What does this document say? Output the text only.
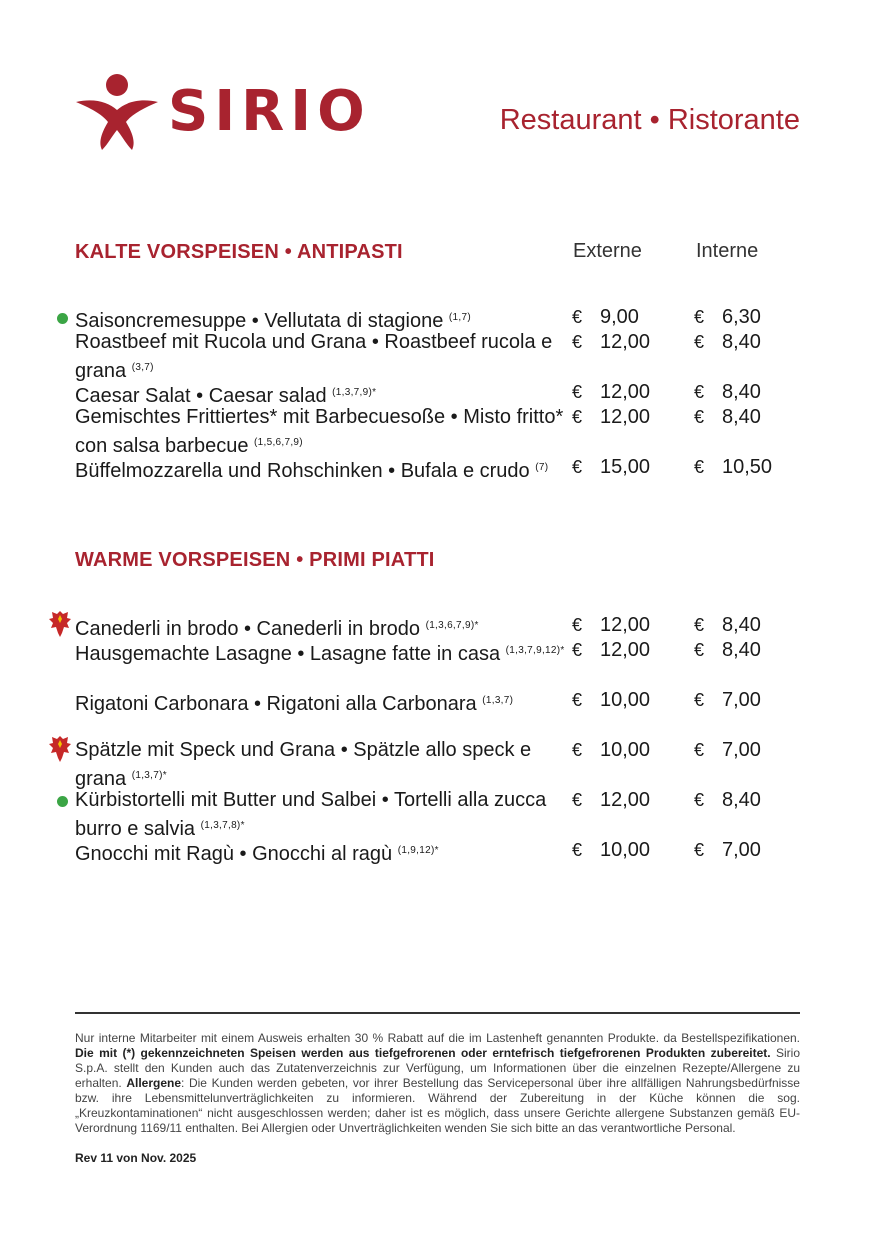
SIRIO	Restaurant • Ristorante
KALTE VORSPEISEN • ANTIPASTI	Externe	Interne
Saisoncremesuppe • Vellutata di stagione $^{(1,7)}$	€ 9,00	€ 6,30
Roastbeef mit Rucola und Grana • Roastbeef rucola e grana $^{(3,7)}$
€ 12,00 € 8,40
Caesar Salat • Caesar salad $^{(1,3,7,9)*}$	€ 12,00 € 8,40
Gemischtes Frittiertes* mit Barbecuesoße • Misto fritto* con salsa barbecue $^{(1,5,6,7,9)}$
€ 12,00 € 8,40
Büffelmozzarella und Rohschinken • Bufala e crudo $^{(7)}$	€ 15,00 € 10,50
WARME VORSPEISEN • PRIMI PIATTI
Canederli in brodo • Canederli in brodo $^{(1,3,6,7,9)*}$	€ 12,00 € 8,40
Hausgemachte Lasagne • Lasagne fatte in casa $^{(1,3,7,9,12)*}$ € 12,00 € 8,40
Rigatoni Carbonara • Rigatoni alla Carbonara $^{(1,3,7)}$	€ 10,00 € 7,00
Spätzle mit Speck und Grana • Spätzle allo speck e grana $^{(1,3,7)*}$
€ 10,00 € 7,00
Kürbistortelli mit Butter und Salbei • Tortelli alla zucca burro e salvia $^{(1,3,7,8)*}$
€ 12,00 € 8,40
Gnocchi mit Ragù • Gnocchi al ragù $^{(1,9,12)*}$	€ 10,00 € 7,00
Nur interne Mitarbeiter mit einem Ausweis erhalten 30 % Rabatt auf die im Lastenheft genannten Produkte. da Bestellspezifikationen. Die mit (*) gekennzeichneten Speisen werden aus tiefgefrorenen oder erntefrisch tiefgefrorenen Produkten zubereitet. Sirio S.p.A. stellt den Kunden auch das Zutatenverzeichnis zur Verfügung, um Informationen über die einzelnen Rezepte/Allergene zu erhalten. Allergene: Die Kunden werden gebeten, vor ihrer Bestellung das Servicepersonal über ihre allfälligen Nahrungsbedürfnisse bzw. ihre Lebensmittelunverträglichkeiten zu informieren. Während der Zubereitung in der Küche können die sog. „Kreuzkontaminationen“ nicht ausgeschlossen werden; daher ist es möglich, dass unsere Gerichte allergene Substanzen gemäß EU-Verordnung 1169/11 enthalten. Bei Allergien oder Unverträglichkeiten wenden Sie sich bitte an das verantwortliche Personal.
Rev 11 von Nov. 2025
